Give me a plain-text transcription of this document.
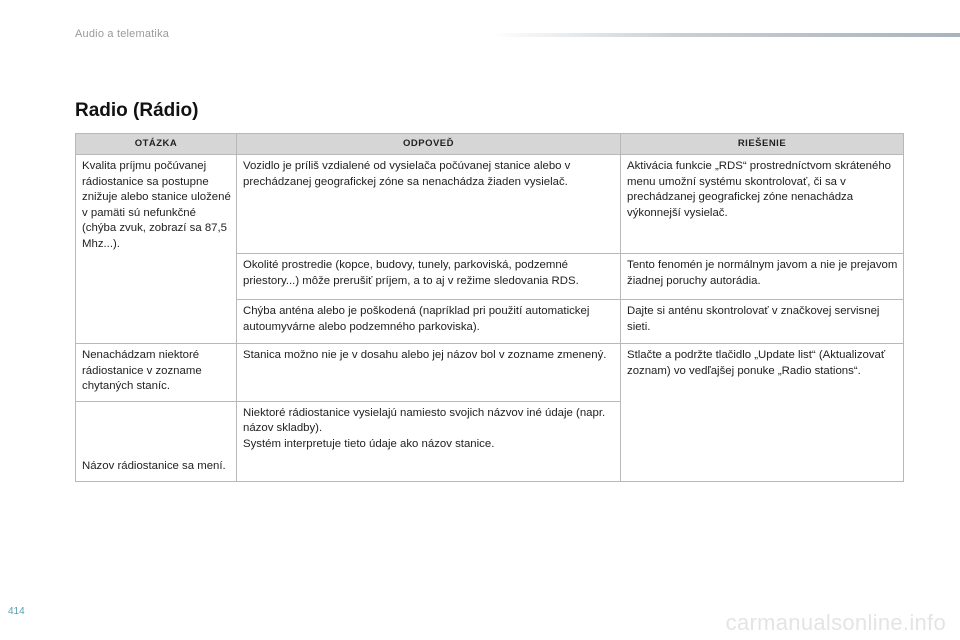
Audio a telematika
Radio (Rádio)
OTÁZKA	ODPOVEĎ	RIEŠENIE
Kvalita príjmu počúvanej rádiostanice sa postupne znižuje alebo stanice uložené v pamäti sú nefunkčné (chýba zvuk, zobrazí sa 87,5 Mhz...).	Vozidlo je príliš vzdialené od vysielača počúvanej stanice alebo v prechádzanej geografickej zóne sa nenachádza žiaden vysielač.	Aktivácia funkcie „RDS“ prostredníctvom skráteného menu umožní systému skontrolovať, či sa v prechádzanej geografickej zóne nenachádza výkonnejší vysielač.
	Okolité prostredie (kopce, budovy, tunely, parkoviská, podzemné priestory...) môže prerušiť príjem, a to aj v režime sledovania RDS.	Tento fenomén je normálnym javom a nie je prejavom žiadnej poruchy autorádia.
	Chýba anténa alebo je poškodená (napríklad pri použití automatickej autoumyvárne alebo podzemného parkoviska).	Dajte si anténu skontrolovať v značkovej servisnej sieti.
Nenachádzam niektoré rádiostanice v zozname chytaných staníc.	Stanica možno nie je v dosahu alebo jej názov bol v zozname zmenený.	Stlačte a podržte tlačidlo „Update list“ (Aktualizovať zoznam) vo vedľajšej ponuke „Radio stations“.
Názov rádiostanice sa mení.	Niektoré rádiostanice vysielajú namiesto svojich názvov iné údaje (napr. názov skladby).
Systém interpretuje tieto údaje ako názov stanice.	

414	carmanualsonline.info
